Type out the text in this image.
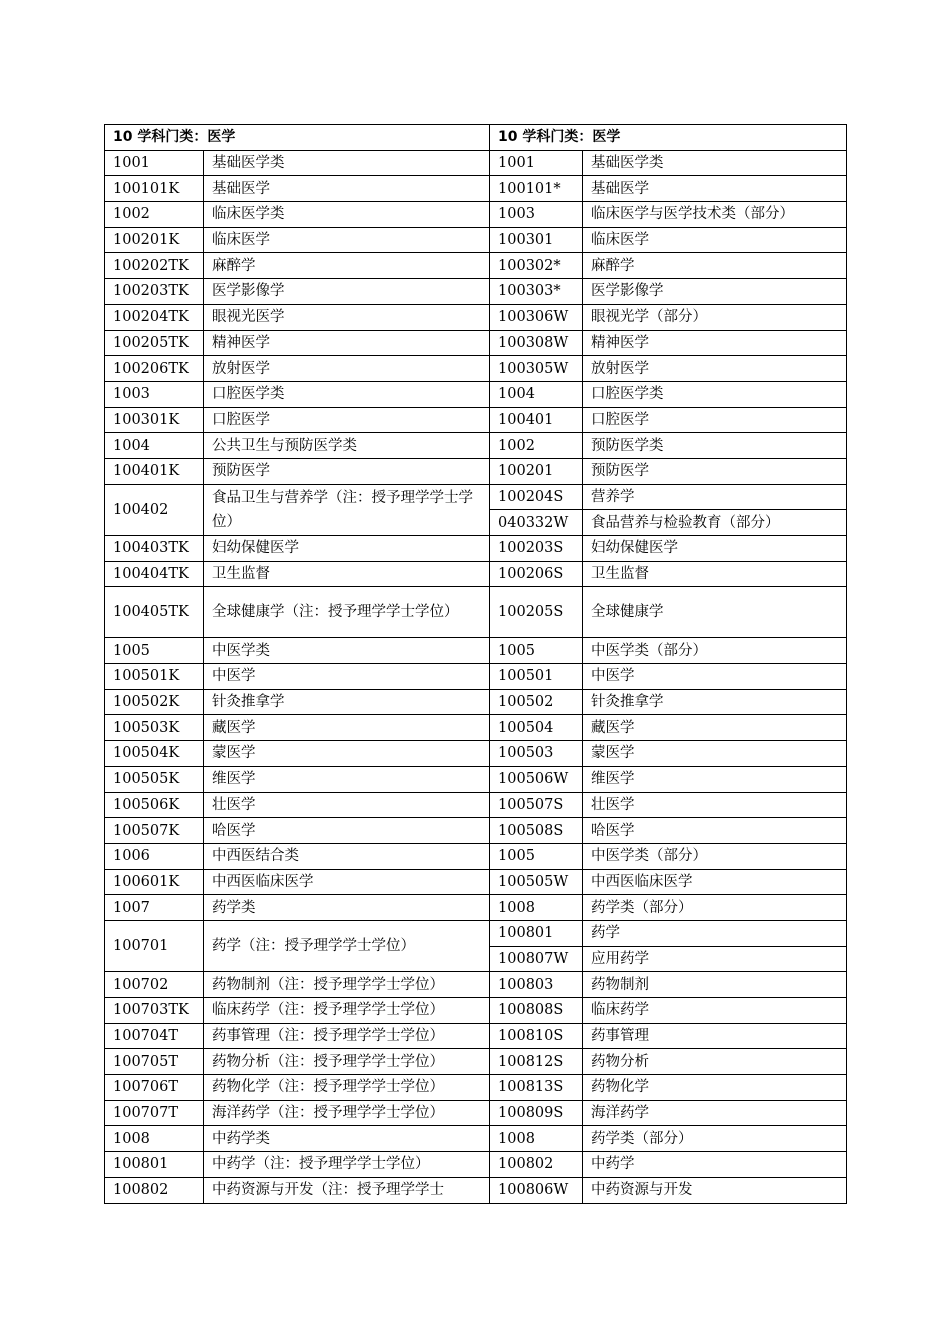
10 学科门类：医学		10 学科门类：医学	
1001	基础医学类	1001	基础医学类
100101K	基础医学	100101*	基础医学
1002	临床医学类	1003	临床医学与医学技术类（部分）
100201K	临床医学	100301	临床医学
100202TK	麻醉学	100302*	麻醉学
100203TK	医学影像学	100303*	医学影像学
100204TK	眼视光医学	100306W	眼视光学（部分）
100205TK	精神医学	100308W	精神医学
100206TK	放射医学	100305W	放射医学
1003	口腔医学类	1004	口腔医学类
100301K	口腔医学	100401	口腔医学
1004	公共卫生与预防医学类	1002	预防医学类
100401K	预防医学	100201	预防医学
100402	食品卫生与营养学（注：授予理学学士学位）	100204S	营养学
		040332W	食品营养与检验教育（部分）
100403TK	妇幼保健医学	100203S	妇幼保健医学
100404TK	卫生监督	100206S	卫生监督
100405TK	全球健康学（注：授予理学学士学位）	100205S	全球健康学
1005	中医学类	1005	中医学类（部分）
100501K	中医学	100501	中医学
100502K	针灸推拿学	100502	针灸推拿学
100503K	藏医学	100504	藏医学
100504K	蒙医学	100503	蒙医学
100505K	维医学	100506W	维医学
100506K	壮医学	100507S	壮医学
100507K	哈医学	100508S	哈医学
1006	中西医结合类	1005	中医学类（部分）
100601K	中西医临床医学	100505W	中西医临床医学
1007	药学类	1008	药学类（部分）
100701	药学（注：授予理学学士学位）	100801	药学
		100807W	应用药学
100702	药物制剂（注：授予理学学士学位）	100803	药物制剂
100703TK	临床药学（注：授予理学学士学位）	100808S	临床药学
100704T	药事管理（注：授予理学学士学位）	100810S	药事管理
100705T	药物分析（注：授予理学学士学位）	100812S	药物分析
100706T	药物化学（注：授予理学学士学位）	100813S	药物化学
100707T	海洋药学（注：授予理学学士学位）	100809S	海洋药学
1008	中药学类	1008	药学类（部分）
100801	中药学（注：授予理学学士学位）	100802	中药学
100802	中药资源与开发（注：授予理学学士	100806W	中药资源与开发
